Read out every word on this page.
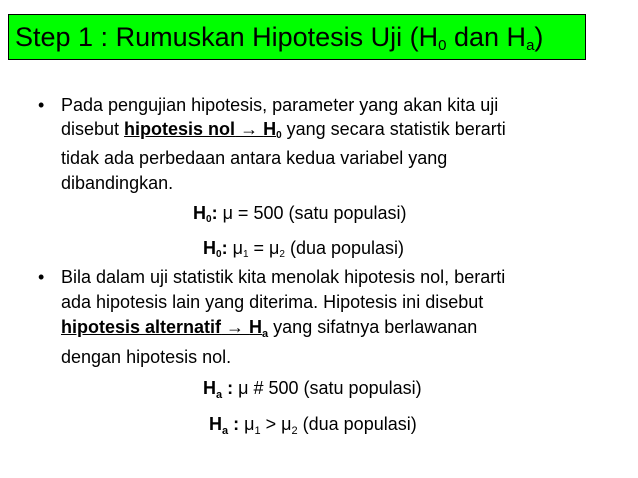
Step 1 : Rumuskan Hipotesis Uji ($H_0$ dan $H_a$)
• Pada pengujian hipotesis, parameter yang akan kita uji
disebut hipotesis nol → $H_0$ yang secara statistik berarti
tidak ada perbedaan antara kedua variabel yang
dibandingkan.
$H_0$: μ = 500 (satu populasi)
$H_0$: $\mu_1 = \mu_2$ (dua populasi)
• Bila dalam uji statistik kita menolak hipotesis nol, berarti
ada hipotesis lain yang diterima. Hipotesis ini disebut
hipotesis alternatif → $H_a$ yang sifatnya berlawanan
dengan hipotesis nol.
$H_a$ : μ # 500 (satu populasi)
$H_a$ : $\mu_1 > \mu_2$ (dua populasi)
